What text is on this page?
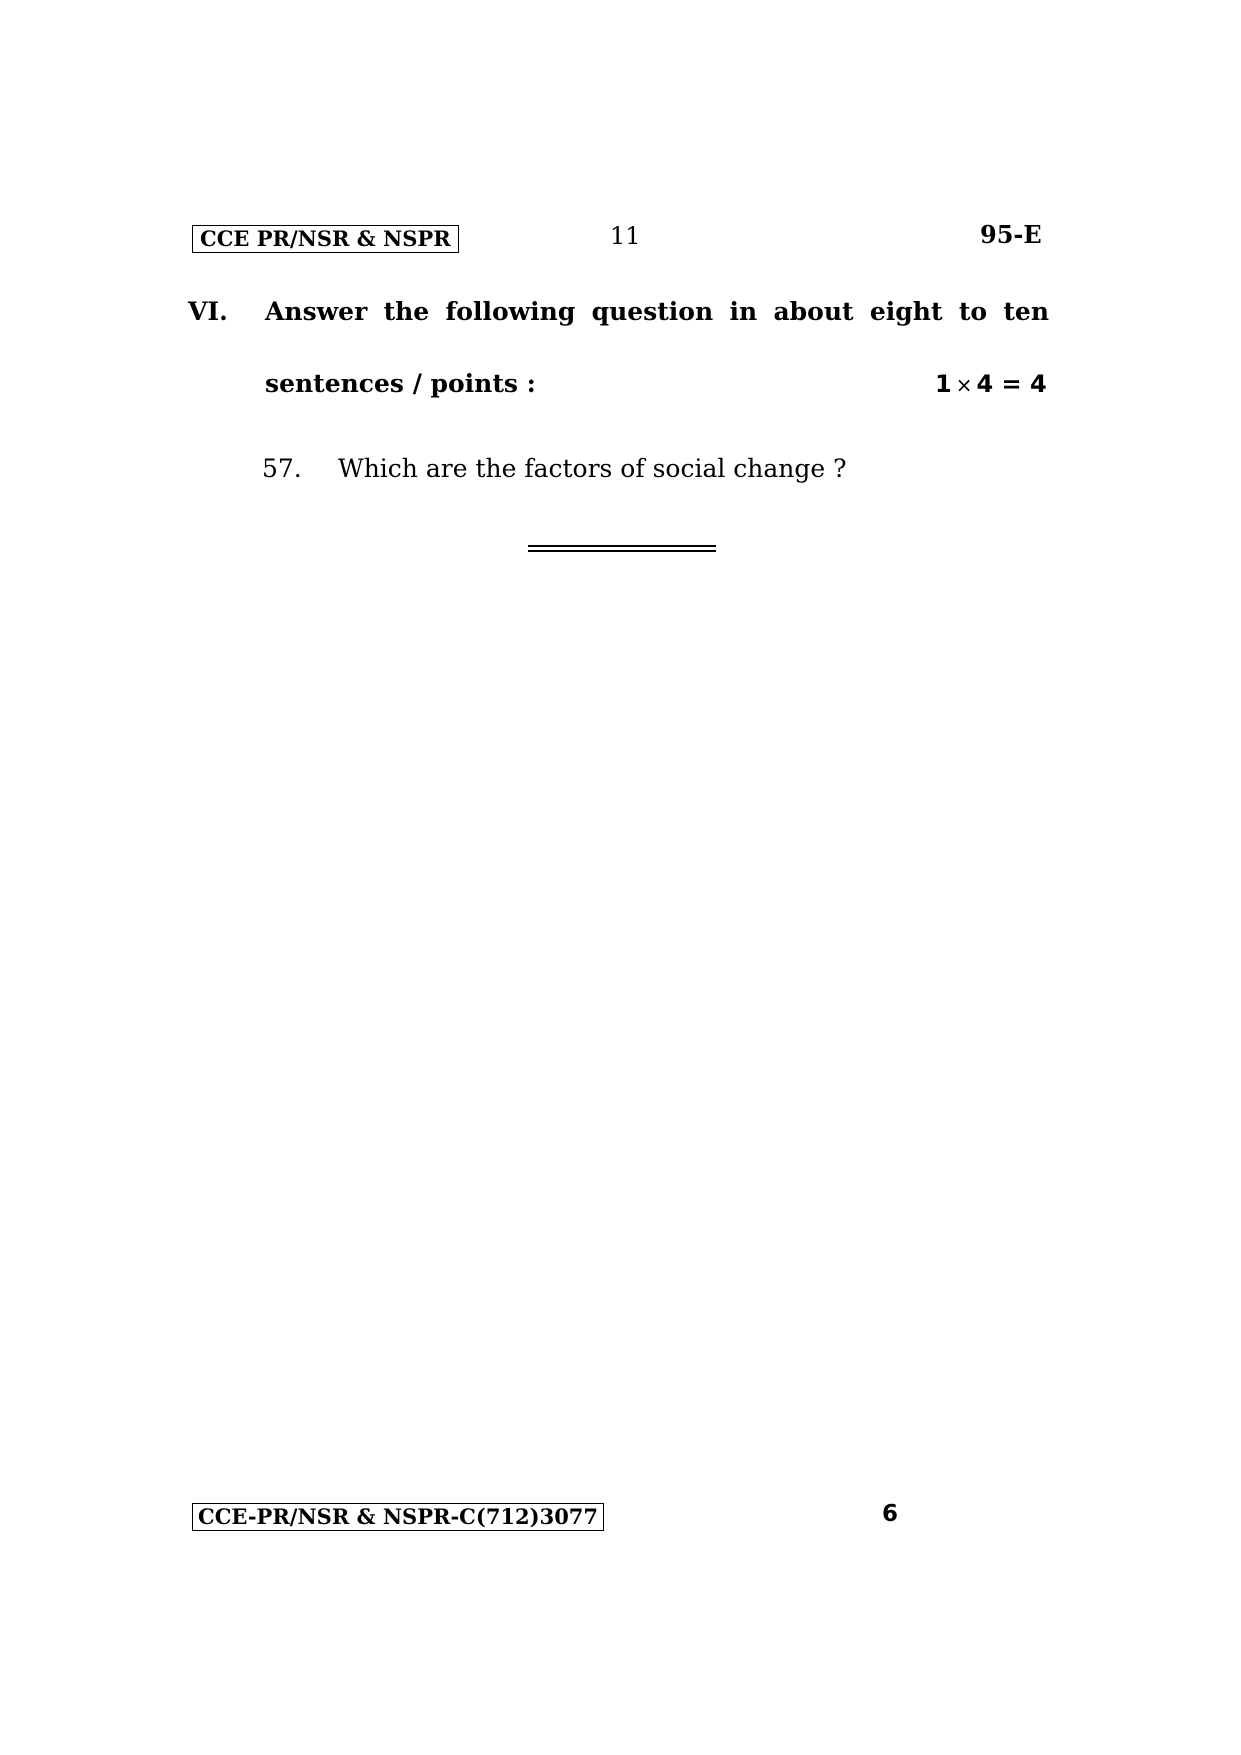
CCE PR/NSR & NSPR	11	95-E
VI. Answer the following question in about eight to ten
sentences / points :	1 × 4 = 4
57. Which are the factors of social change ?
CCE-PR/NSR & NSPR-C(712)3077	6
